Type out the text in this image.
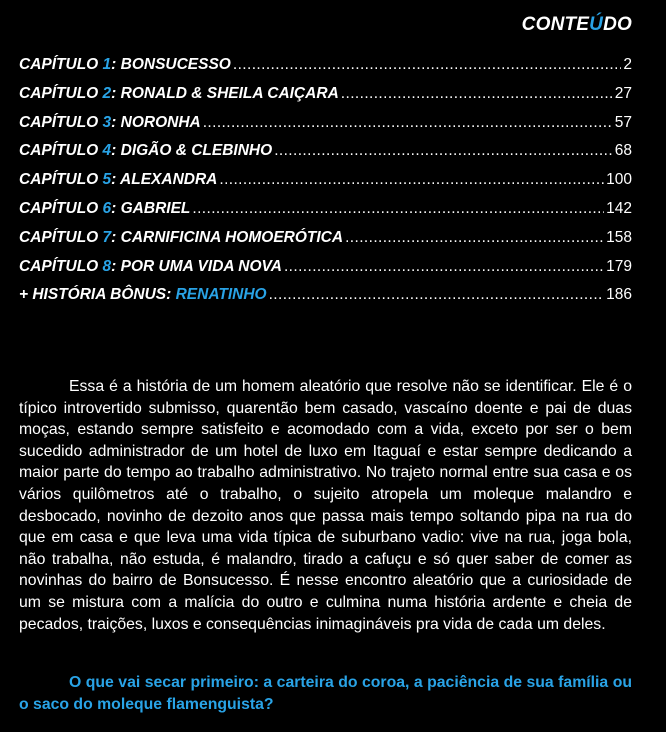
CONTEÚDO
CAPÍTULO 1: BONSUCESSO .....	2
CAPÍTULO 2: RONALD & SHEILA CAIÇARA .....	27
CAPÍTULO 3: NORONHA .....	57
CAPÍTULO 4: DIGÃO & CLEBINHO .....	68
CAPÍTULO 5: ALEXANDRA .....	100
CAPÍTULO 6: GABRIEL .....	142
CAPÍTULO 7: CARNIFICINA HOMOERÓTICA .....	158
CAPÍTULO 8: POR UMA VIDA NOVA .....	179
+ HISTÓRIA BÔNUS: RENATINHO .....	186

Essa é a história de um homem aleatório que resolve não se identificar. Ele é o típico introvertido submisso, quarentão bem casado, vascaíno doente e pai de duas moças, estando sempre satisfeito e acomodado com a vida, exceto por ser o bem sucedido administrador de um hotel de luxo em Itaguaí e estar sempre dedicando a maior parte do tempo ao trabalho administrativo. No trajeto normal entre sua casa e os vários quilômetros até o trabalho, o sujeito atropela um moleque malandro e desbocado, novinho de dezoito anos que passa mais tempo soltando pipa na rua do que em casa e que leva uma vida típica de suburbano vadio: vive na rua, joga bola, não trabalha, não estuda, é malandro, tirado a cafuçu e só quer saber de comer as novinhas do bairro de Bonsucesso. É nesse encontro aleatório que a curiosidade de um se mistura com a malícia do outro e culmina numa história ardente e cheia de pecados, traições, luxos e consequências inimagináveis pra vida de cada um deles.

O que vai secar primeiro: a carteira do coroa, a paciência de sua família ou o saco do moleque flamenguista?
